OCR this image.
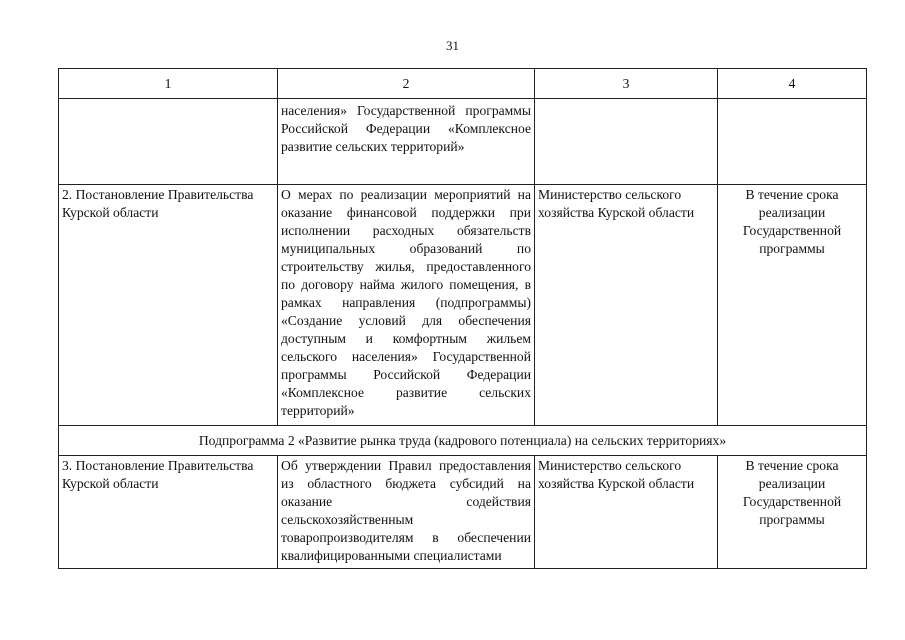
31
1	2	3	4
	населения» Государственной программы Российской Федерации «Комплексное развитие сельских территорий»		
2. Постановление Правительства Курской области	О мерах по реализации мероприятий на оказание финансовой поддержки при исполнении расходных обязательств муниципальных образований по строительству жилья, предоставленного по договору найма жилого помещения, в рамках направления (подпрограммы) «Создание условий для обеспечения доступным и комфортным жильем сельского населения» Государственной программы Российской Федерации «Комплексное развитие сельских территорий»	Министерство сельского хозяйства Курской области	В течение срока реализации Государственной программы
Подпрограмма 2 «Развитие рынка труда (кадрового потенциала) на сельских территориях»			
3. Постановление Правительства Курской области	Об утверждении Правил предоставления из областного бюджета субсидий на оказание содействия сельскохозяйственным товаропроизводителям в обеспечении квалифицированными специалистами	Министерство сельского хозяйства Курской области	В течение срока реализации Государственной программы
